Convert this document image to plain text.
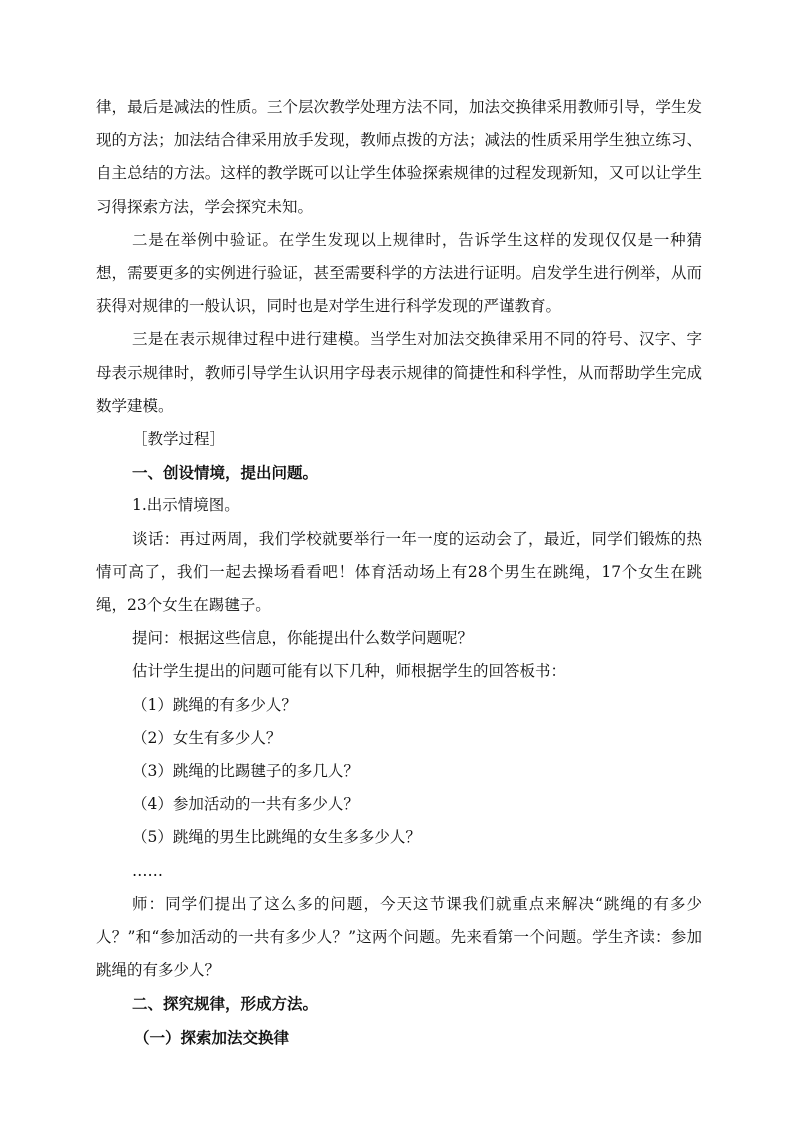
律，最后是减法的性质。三个层次教学处理方法不同，加法交换律采用教师引导，学生发现的方法；加法结合律采用放手发现，教师点拨的方法；减法的性质采用学生独立练习、自主总结的方法。这样的教学既可以让学生体验探索规律的过程发现新知，又可以让学生习得探索方法，学会探究未知。

二是在举例中验证。在学生发现以上规律时，告诉学生这样的发现仅仅是一种猜想，需要更多的实例进行验证，甚至需要科学的方法进行证明。启发学生进行例举，从而获得对规律的一般认识，同时也是对学生进行科学发现的严谨教育。

三是在表示规律过程中进行建模。当学生对加法交换律采用不同的符号、汉字、字母表示规律时，教师引导学生认识用字母表示规律的简捷性和科学性，从而帮助学生完成数学建模。

［教学过程］

一、创设情境，提出问题。

1.出示情境图。

谈话：再过两周，我们学校就要举行一年一度的运动会了，最近，同学们锻炼的热情可高了，我们一起去操场看看吧！体育活动场上有28个男生在跳绳，17个女生在跳绳，23个女生在踢毽子。

提问：根据这些信息，你能提出什么数学问题呢？

估计学生提出的问题可能有以下几种，师根据学生的回答板书：

（1）跳绳的有多少人？

（2）女生有多少人？

（3）跳绳的比踢毽子的多几人？

（4）参加活动的一共有多少人？

（5）跳绳的男生比跳绳的女生多多少人？

……

师：同学们提出了这么多的问题，今天这节课我们就重点来解决“跳绳的有多少人？”和“参加活动的一共有多少人？”这两个问题。先来看第一个问题。学生齐读：参加跳绳的有多少人？

二、探究规律，形成方法。

（一）探索加法交换律
